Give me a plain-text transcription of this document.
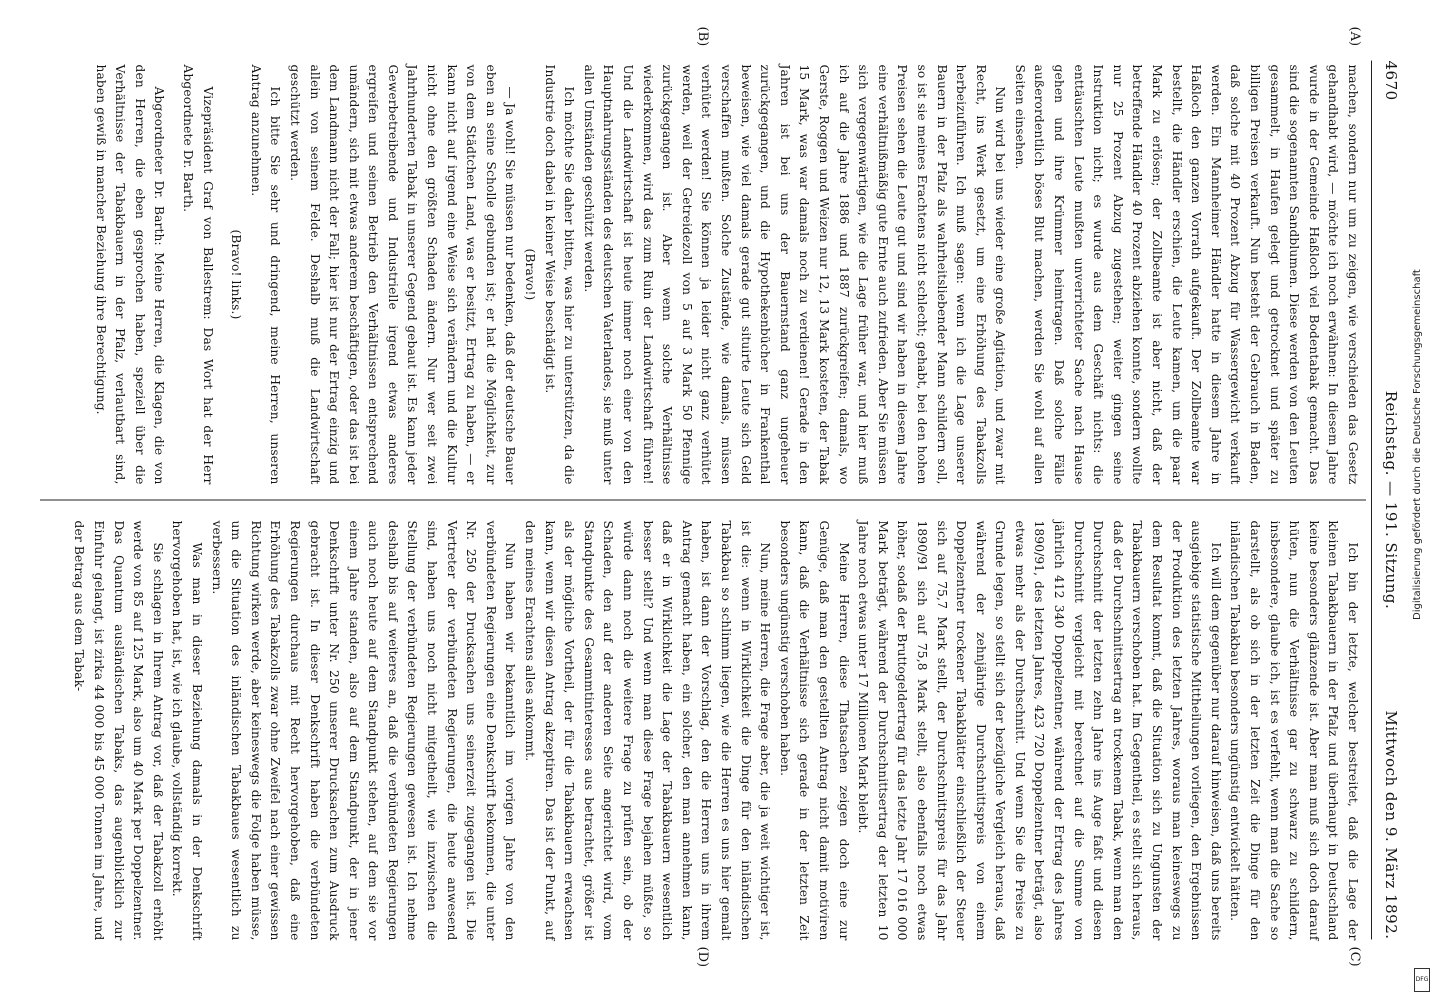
4670
Reichstag. — 191. Sitzung.
Mittwoch den 9. März 1892.
(A)
(B)
(C)
(D)

machen, sondern nur um zu zeigen, wie verschieden das Gesetz gehandhabt wird, — möchte ich noch erwähnen: In diesem Jahre wurde in der Gemeinde Haßloch viel Bodentabak gemacht. Das sind die sogenannten Sandblumen. Diese werden von den Leuten gesammelt, in Haufen gelegt und getrocknet und später zu billigen Preisen verkauft. Nun besteht der Gebrauch in Baden, daß solche mit 40 Prozent Abzug für Wassergewicht verkauft werden. Ein Mannheimer Händler hatte in diesem Jahre in Haßloch den ganzen Vorrath aufgekauft. Der Zollbeamte war bestellt, die Händler erschien, die Leute kamen, um die paar Mark zu erlösen; der Zollbeamte ist aber nicht, daß der betreffende Händler 40 Prozent abziehen konnte, sondern wollte nur 25 Prozent Abzug zugestehen; weiter gingen seine Instruktion nicht; es wurde aus dem Geschäft nichts: die enttäuschten Leute mußten unverrichteter Sache nach Hause gehen und ihre Krümmer heimtragen. Daß solche Fälle außerordentlich böses Blut machen, werden Sie wohl auf allen Seiten einsehen.

Nun wird bei uns wieder eine große Agitation, und zwar mit Recht, ins Werk gesetzt, um eine Erhöhung des Tabakzolls herbeizuführen. Ich muß sagen: wenn ich die Lage unserer Bauern in der Pfalz als wahrheitsliebender Mann schildern soll, so ist sie meines Erachtens nicht schlecht; gehabt, bei den hohen Preisen sehen die Leute gut und sind wir haben in diesem Jahre eine verhältnißmäßig gute Ernte auch zufrieden. Aber Sie müssen sich vergegenwärtigen, wie die Lage früher war, und hier muß ich auf die Jahre 1886 und 1887 zurückgreifen; damals, wo Gerste, Roggen und Weizen nur 12, 13 Mark kosteten, der Tabak 15 Mark, was war damals noch zu verdienen! Gerade in den Jahren ist bei uns der Bauernstand ganz ungeheuer zurückgegangen, und die Hypothekenbücher in Frankenthal beweisen, wie viel damals gerade gut situirte Leute sich Geld verschaffen mußten. Solche Zustände, wie damals, müssen verhütet werden! Sie können ja leider nicht ganz verhütet werden, weil der Getreidezoll von 5 auf 3 Mark 50 Pfennige zurückgegangen ist. Aber wenn solche Verhältnisse wiederkommen, wird das zum Ruin der Landwirtschaft führen! Und die Landwirtschaft ist heute immer noch einer von den Hauptnahrungsständen des deutschen Vaterlandes, sie muß unter allen Umständen geschützt werden.

Ich möchte Sie daher bitten, was hier zu unterstützen, da die Industrie doch dabei in keiner Weise beschädigt ist.

(Bravo!)

— Ja wohl! Sie müssen nur bedenken, daß der deutsche Bauer eben an seine Scholle gebunden ist; er hat die Möglichkeit, zur von dem Städtchen Land, was er besitzt, Ertrag zu haben, — er kann nicht auf irgend eine Weise sich verändern und die Kultur nicht ohne den größten Schaden ändern. Nur wer seit zwei Jahrhunderten Tabak in unserer Gegend gebaut ist. Es kann jeder Gewerbetreibende und Industrielle irgend etwas anderes ergreifen und seinen Betrieb den Verhältnissen entsprechend umändern, sich mit etwas anderem beschäftigen, oder das ist bei dem Landmann nicht der Fall; hier ist nur der Ertrag einzig und allein von seinem Felde. Deshalb muß die Landwirtschaft geschützt werden.

Ich bitte Sie sehr und dringend, meine Herren, unseren Antrag anzunehmen.

(Bravo! links.)

Vizepräsident Graf von Ballestrem: Das Wort hat der Herr Abgeordnete Dr. Barth.

Abgeordneter Dr. Barth: Meine Herren, die Klagen, die von den Herren, die eben gesprochen haben, speziell über die Verhältnisse der Tabakbauern in der Pfalz, verlautbart sind, haben gewiß in mancher Beziehung ihre Berechtigung.

Ich bin der letzte, welcher bestreitet, daß die Lage der kleinen Tabakbauern in der Pfalz und überhaupt in Deutschland keine besonders glänzende ist. Aber man muß sich doch darauf hüten, nun die Verhältnisse gar zu schwarz zu schildern, insbesondere, glaube ich, ist es verfehlt, wenn man die Sache so darstellt, als ob sich in der letzten Zeit die Dinge für den inländischen Tabakbau besonders ungünstig entwickelt hätten.

Ich will dem gegenüber nur darauf hinweisen, daß uns bereits ausgiebige statistische Mittheilungen vorliegen, den Ergebnissen der Produktion des letzten Jahres, woraus man keineswegs zu dem Resultat kommt, daß die Situation sich zu Ungunsten der Tabakbauern verschoben hat. Im Gegentheil, es stellt sich heraus, daß der Durchschnittsertrag an trockenem Tabak, wenn man den Durchschnitt der letzten zehn Jahre ins Auge faßt und diesen Durchschnitt vergleicht mit berechnet auf die Summe von jährlich 412 340 Doppelzentner, während der Ertrag des Jahres 1890/91, des letzten Jahres, 423 720 Doppelzentner beträgt, also etwas mehr als der Durchschnitt. Und wenn Sie die Preise zu Grunde legen, so stellt sich der bezügliche Vergleich heraus, daß während der zehnjährige Durchschnittspreis von einem Doppelzentner trockener Tabakblätter einschließlich der Steuer sich auf 75,7 Mark stellt, der Durchschnittspreis für das Jahr 1890/91 sich auf 75,8 Mark stellt, also ebenfalls noch etwas höher, sodaß der Bruttogeldertrag für das letzte Jahr 17 016 000 Mark beträgt, während der Durchschnittsertrag der letzten 10 Jahre noch etwas unter 17 Millionen Mark bleibt.

Meine Herren, diese Thatsachen zeigen doch eine zur Genüge, daß man den gestellten Antrag nicht damit motiviren kann, daß die Verhältnisse sich gerade in der letzten Zeit besonders ungünstig verschoben haben.

Nun, meine Herren, die Frage aber, die ja weit wichtiger ist, ist die: wenn in Wirklichkeit die Dinge für den inländischen Tabakbau so schlimm liegen, wie die Herren es uns hier gemalt haben, ist dann der Vorschlag, den die Herren uns in ihrem Antrag gemacht haben, ein solcher, den man annehmen kann, daß er in Wirklichkeit die Lage der Tabakbauern wesentlich besser stellt? Und wenn man diese Frage bejahen müßte, so würde dann noch die weitere Frage zu prüfen sein, ob der Schaden, den auf der anderen Seite angerichtet wird, vom Standpunkte des Gesammtinteresses aus betrachtet, größer ist als der mögliche Vortheil, der für die Tabakbauern erwachsen kann, wenn wir diesen Antrag akzeptiren. Das ist der Punkt, auf den meines Erachtens alles ankommt.

Nun haben wir bekanntlich im vorigen Jahre von den verbündeten Regierungen eine Denkschrift bekommen, die unter Nr. 250 der Drucksachen uns seinerzeit zugegangen ist. Die Vertreter der verbündeten Regierungen, die heute anwesend sind, haben uns noch nicht mitgetheilt, wie inzwischen die Stellung der verbündeten Regierungen gewesen ist. Ich nehme deshalb bis auf weiteres an, daß die verbündeten Regierungen auch noch heute auf dem Standpunkt stehen, auf dem sie vor einem Jahre standen, also auf dem Standpunkt, der in jener Denkschrift unter Nr. 250 unserer Drucksachen zum Ausdruck gebracht ist. In dieser Denkschrift haben die verbündeten Regierungen durchaus mit Recht hervorgehoben, daß eine Erhöhung des Tabakzolls zwar ohne Zweifel nach einer gewissen Richtung wirken werde, aber keineswegs die Folge haben müsse, um die Situation des inländischen Tabakbaues wesentlich zu verbessern.

Was man in dieser Beziehung damals in der Denkschrift hervorgehoben hat, ist, wie ich glaube, vollständig korrekt.

Sie schlagen in Ihrem Antrag vor, daß der Tabakzoll erhöht werde von 85 auf 125 Mark, also um 40 Mark per Doppelzentner. Das Quantum ausländischen Tabaks, das augenblicklich zur Einfuhr gelangt, ist zirka 44 000 bis 45 000 Tonnen im Jahre, und der Betrag aus dem Tabak-	Digitalisierung gefördert durch die Deutsche Forschungsgemeinschaft
DFG
